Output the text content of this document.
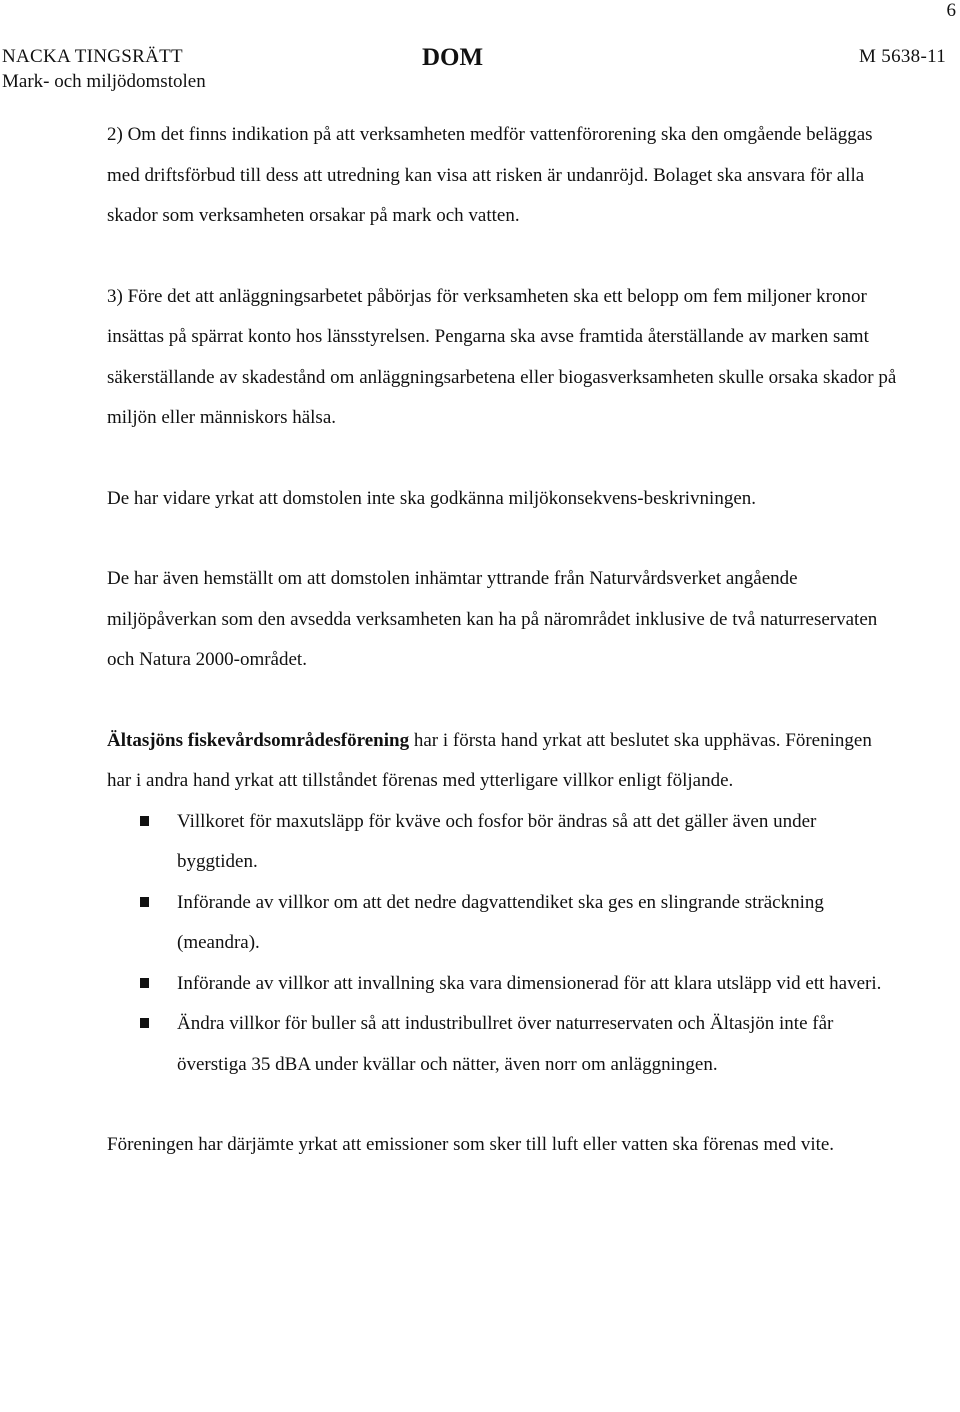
6
NACKA TINGSRÄTT
Mark- och miljödomstolen
DOM	M 5638-11

2) Om det finns indikation på att verksamheten medför vattenförorening ska den omgående beläggas med driftsförbud till dess att utredning kan visa att risken är undanröjd. Bolaget ska ansvara för alla skador som verksamheten orsakar på mark och vatten.

3) Före det att anläggningsarbetet påbörjas för verksamheten ska ett belopp om fem miljoner kronor insättas på spärrat konto hos länsstyrelsen. Pengarna ska avse framtida återställande av marken samt säkerställande av skadestånd om anläggningsarbetena eller biogasverksamheten skulle orsaka skador på miljön eller människors hälsa.

De har vidare yrkat att domstolen inte ska godkänna miljökonsekvens-beskrivningen.

De har även hemställt om att domstolen inhämtar yttrande från Naturvårdsverket angående miljöpåverkan som den avsedda verksamheten kan ha på närområdet inklusive de två naturreservaten och Natura 2000-området.

Ältasjöns fiskevårdsområdesförening har i första hand yrkat att beslutet ska upphävas. Föreningen har i andra hand yrkat att tillståndet förenas med ytterligare villkor enligt följande.

Villkoret för maxutsläpp för kväve och fosfor bör ändras så att det gäller även under byggtiden.
Införande av villkor om att det nedre dagvattendiket ska ges en slingrande sträckning (meandra).
Införande av villkor att invallning ska vara dimensionerad för att klara utsläpp vid ett haveri.
Ändra villkor för buller så att industribullret över naturreservaten och Ältasjön inte får överstiga 35 dBA under kvällar och nätter, även norr om anläggningen.

Föreningen har därjämte yrkat att emissioner som sker till luft eller vatten ska förenas med vite.
